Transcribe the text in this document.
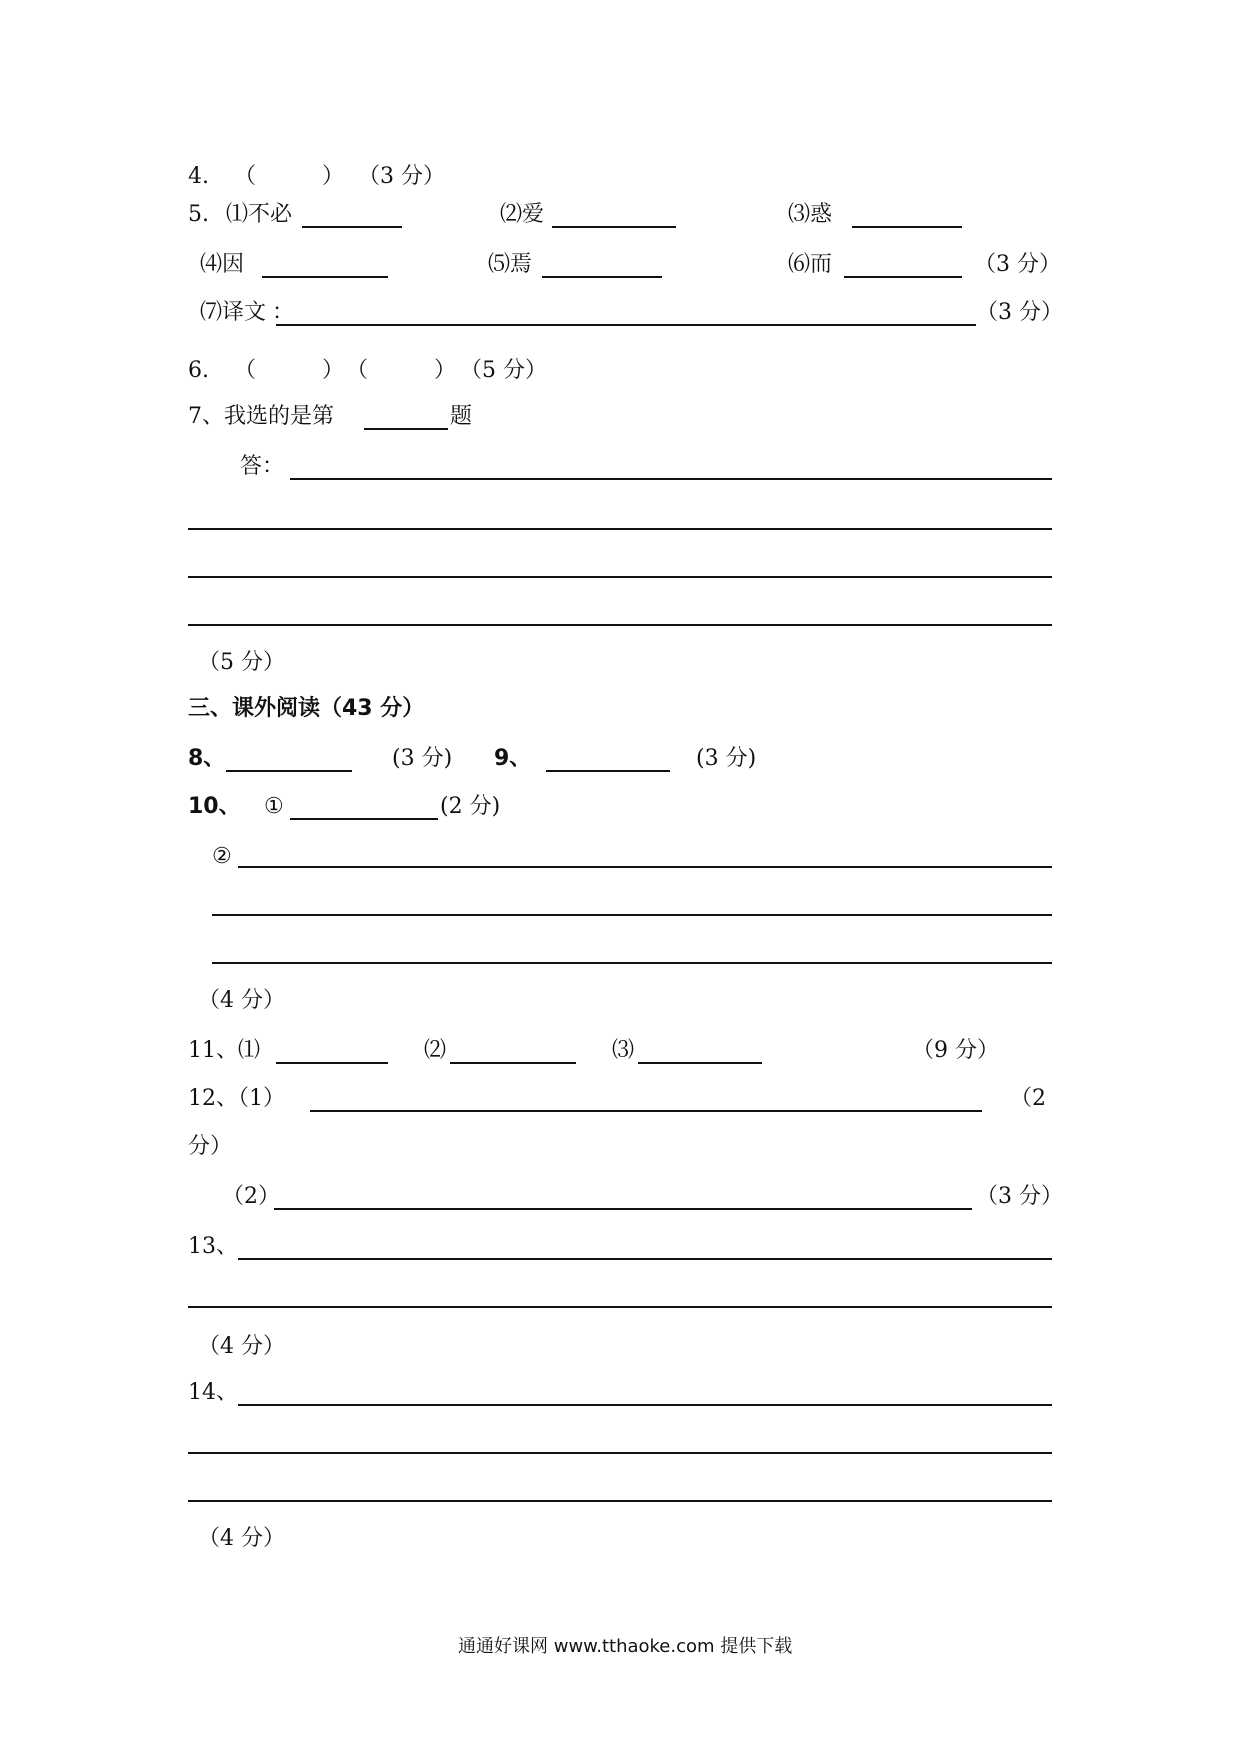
4. （　　　） （3 分）
5. ⑴不必	⑵爱	⑶惑
⑷因	⑸焉	⑹而	（3 分）
⑺译文 ：	（3 分）
6. （　　　） （　　　） （5 分）
7、我选的是第	题
答：
（5 分）
三、课外阅读（43 分）
8、	(3 分) 9、	(3 分)
10、 ①	(2 分)
②
（4 分）
11、⑴	⑵	⑶	（9 分）
12、（1）	（2
分）
（2）	（3 分）
13、
（4 分）
14、
（4 分）
通通好课网 www.tthaoke.com 提供下载
